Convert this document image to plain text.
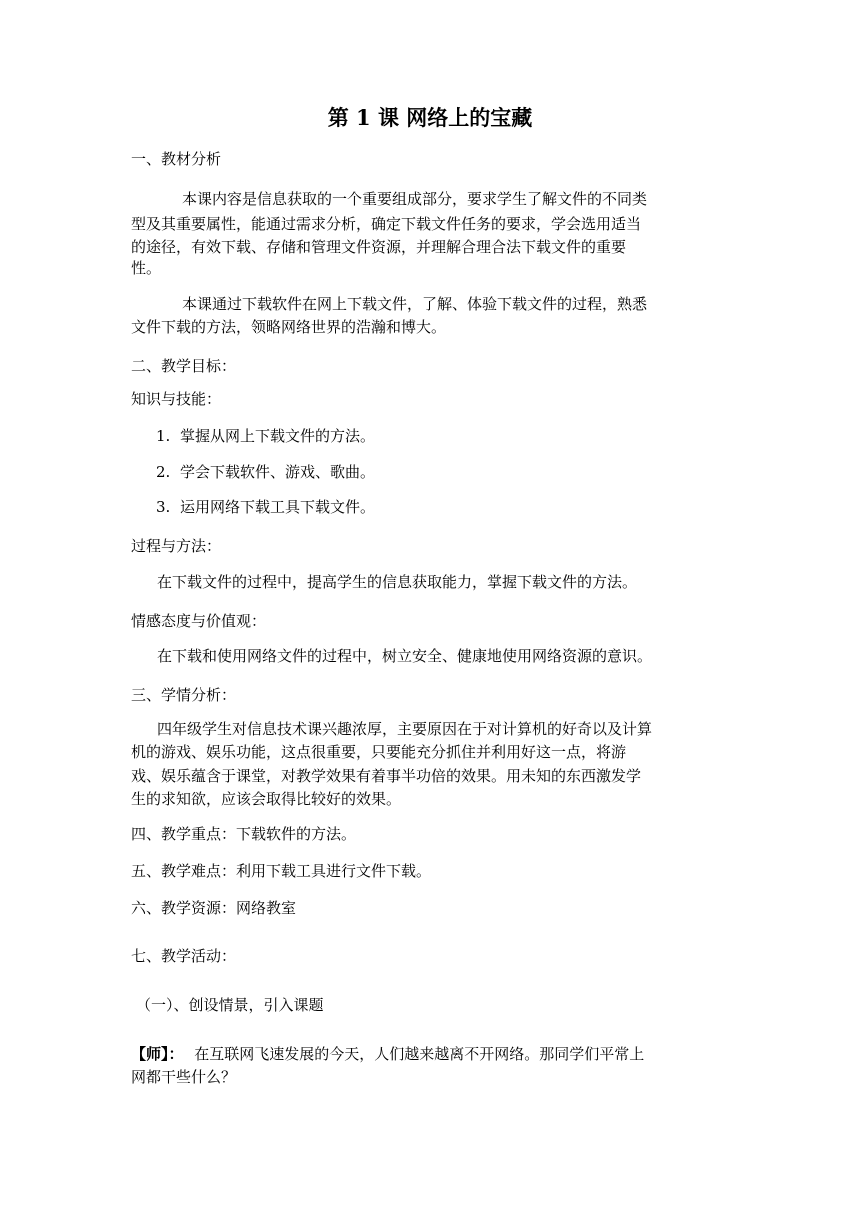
第 1 课 网络上的宝藏
一、教材分析
本课内容是信息获取的一个重要组成部分，要求学生了解文件的不同类
型及其重要属性，能通过需求分析，确定下载文件任务的要求，学会选用适当
的途径，有效下载、存储和管理文件资源，并理解合理合法下载文件的重要
性。
本课通过下载软件在网上下载文件，了解、体验下载文件的过程，熟悉
文件下载的方法，领略网络世界的浩瀚和博大。
二、教学目标：
知识与技能：
1. 掌握从网上下载文件的方法。
2. 学会下载软件、游戏、歌曲。
3. 运用网络下载工具下载文件。
过程与方法：
在下载文件的过程中，提高学生的信息获取能力，掌握下载文件的方法。
情感态度与价值观：
在下载和使用网络文件的过程中，树立安全、健康地使用网络资源的意识。
三、学情分析：
四年级学生对信息技术课兴趣浓厚，主要原因在于对计算机的好奇以及计算
机的游戏、娱乐功能，这点很重要，只要能充分抓住并利用好这一点，将游
戏、娱乐蕴含于课堂，对教学效果有着事半功倍的效果。用未知的东西激发学
生的求知欲，应该会取得比较好的效果。
四、教学重点：下载软件的方法。
五、教学难点：利用下载工具进行文件下载。
六、教学资源：网络教室
七、教学活动：
（一）、创设情景，引入课题
【师】： 在互联网飞速发展的今天，人们越来越离不开网络。那同学们平常上
网都干些什么？
